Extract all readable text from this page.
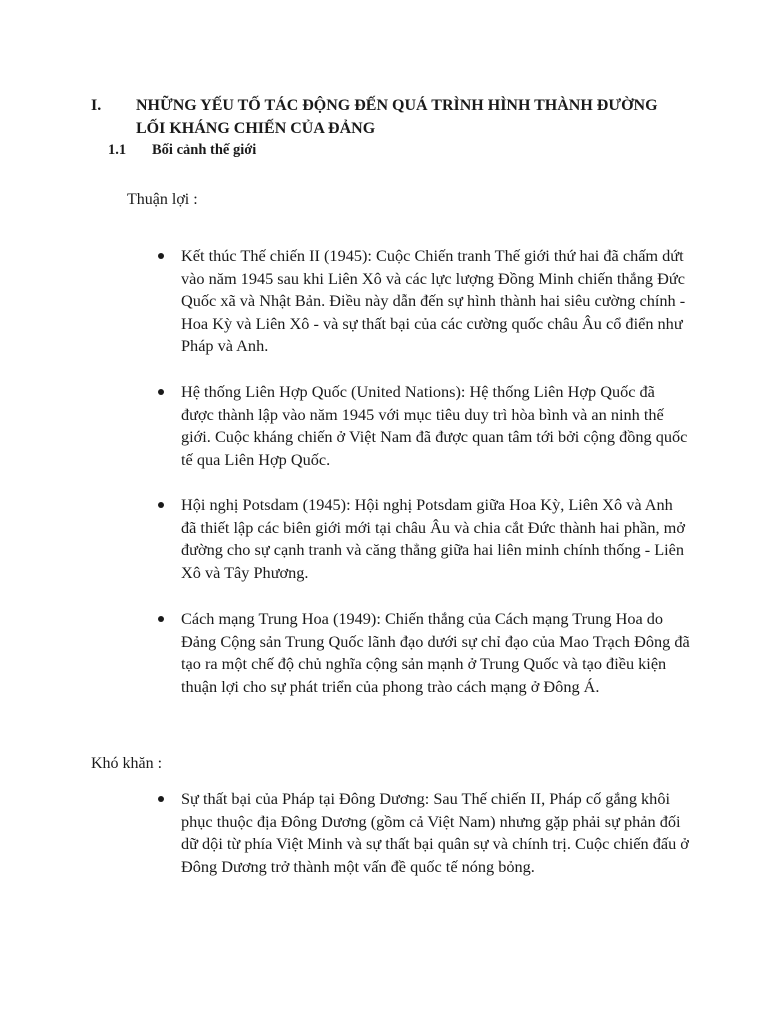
I. NHỮNG YẾU TỐ TÁC ĐỘNG ĐẾN QUÁ TRÌNH HÌNH THÀNH ĐƯỜNG LỐI KHÁNG CHIẾN CỦA ĐẢNG
1.1 Bối cảnh thế giới
Thuận lợi :
Kết thúc Thế chiến II (1945): Cuộc Chiến tranh Thế giới thứ hai đã chấm dứt vào năm 1945 sau khi Liên Xô và các lực lượng Đồng Minh chiến thắng Đức Quốc xã và Nhật Bản. Điều này dẫn đến sự hình thành hai siêu cường chính - Hoa Kỳ và Liên Xô - và sự thất bại của các cường quốc châu Âu cổ điển như Pháp và Anh.
Hệ thống Liên Hợp Quốc (United Nations): Hệ thống Liên Hợp Quốc đã được thành lập vào năm 1945 với mục tiêu duy trì hòa bình và an ninh thế giới. Cuộc kháng chiến ở Việt Nam đã được quan tâm tới bởi cộng đồng quốc tế qua Liên Hợp Quốc.
Hội nghị Potsdam (1945): Hội nghị Potsdam giữa Hoa Kỳ, Liên Xô và Anh đã thiết lập các biên giới mới tại châu Âu và chia cắt Đức thành hai phần, mở đường cho sự cạnh tranh và căng thẳng giữa hai liên minh chính thống - Liên Xô và Tây Phương.
Cách mạng Trung Hoa (1949): Chiến thắng của Cách mạng Trung Hoa do Đảng Cộng sản Trung Quốc lãnh đạo dưới sự chỉ đạo của Mao Trạch Đông đã tạo ra một chế độ chủ nghĩa cộng sản mạnh ở Trung Quốc và tạo điều kiện thuận lợi cho sự phát triển của phong trào cách mạng ở Đông Á.
Khó khăn :
Sự thất bại của Pháp tại Đông Dương: Sau Thế chiến II, Pháp cố gắng khôi phục thuộc địa Đông Dương (gồm cả Việt Nam) nhưng gặp phải sự phản đối dữ dội từ phía Việt Minh và sự thất bại quân sự và chính trị. Cuộc chiến đấu ở Đông Dương trở thành một vấn đề quốc tế nóng bỏng.
